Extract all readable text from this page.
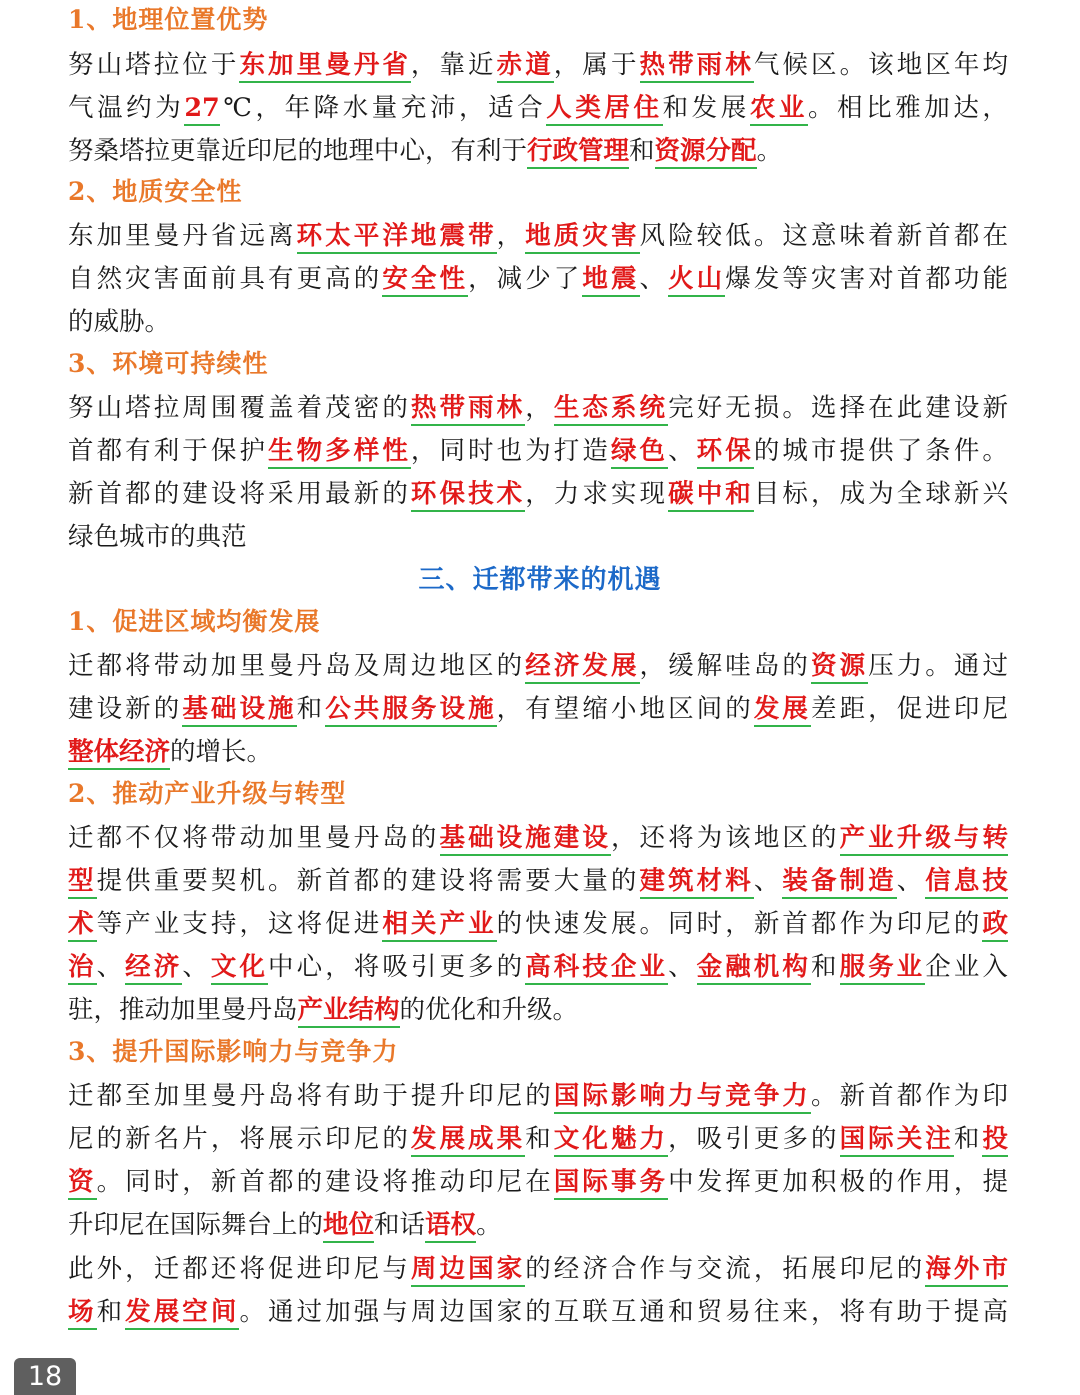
1、地理位置优势
努山塔拉位于东加里曼丹省，靠近赤道，属于热带雨林气候区。该地区年均
气温约为27℃，年降水量充沛，适合人类居住和发展农业。相比雅加达，
努桑塔拉更靠近印尼的地理中心，有利于行政管理和资源分配。
2、地质安全性
东加里曼丹省远离环太平洋地震带，地质灾害风险较低。这意味着新首都在
自然灾害面前具有更高的安全性，减少了地震、火山爆发等灾害对首都功能
的威胁。
3、环境可持续性
努山塔拉周围覆盖着茂密的热带雨林，生态系统完好无损。选择在此建设新
首都有利于保护生物多样性，同时也为打造绿色、环保的城市提供了条件。
新首都的建设将采用最新的环保技术，力求实现碳中和目标，成为全球新兴
绿色城市的典范
三、迁都带来的机遇
1、促进区域均衡发展
迁都将带动加里曼丹岛及周边地区的经济发展，缓解哇岛的资源压力。通过
建设新的基础设施和公共服务设施，有望缩小地区间的发展差距，促进印尼
整体经济的增长。
2、推动产业升级与转型
迁都不仅将带动加里曼丹岛的基础设施建设，还将为该地区的产业升级与转
型提供重要契机。新首都的建设将需要大量的建筑材料、装备制造、信息技
术等产业支持，这将促进相关产业的快速发展。同时，新首都作为印尼的政
治、经济、文化中心，将吸引更多的高科技企业、金融机构和服务业企业入
驻，推动加里曼丹岛产业结构的优化和升级。
3、提升国际影响力与竞争力
迁都至加里曼丹岛将有助于提升印尼的国际影响力与竞争力。新首都作为印
尼的新名片，将展示印尼的发展成果和文化魅力，吸引更多的国际关注和投
资。同时，新首都的建设将推动印尼在国际事务中发挥更加积极的作用，提
升印尼在国际舞台上的地位和话语权。
此外，迁都还将促进印尼与周边国家的经济合作与交流，拓展印尼的海外市
场和发展空间。通过加强与周边国家的互联互通和贸易往来，将有助于提高
18
